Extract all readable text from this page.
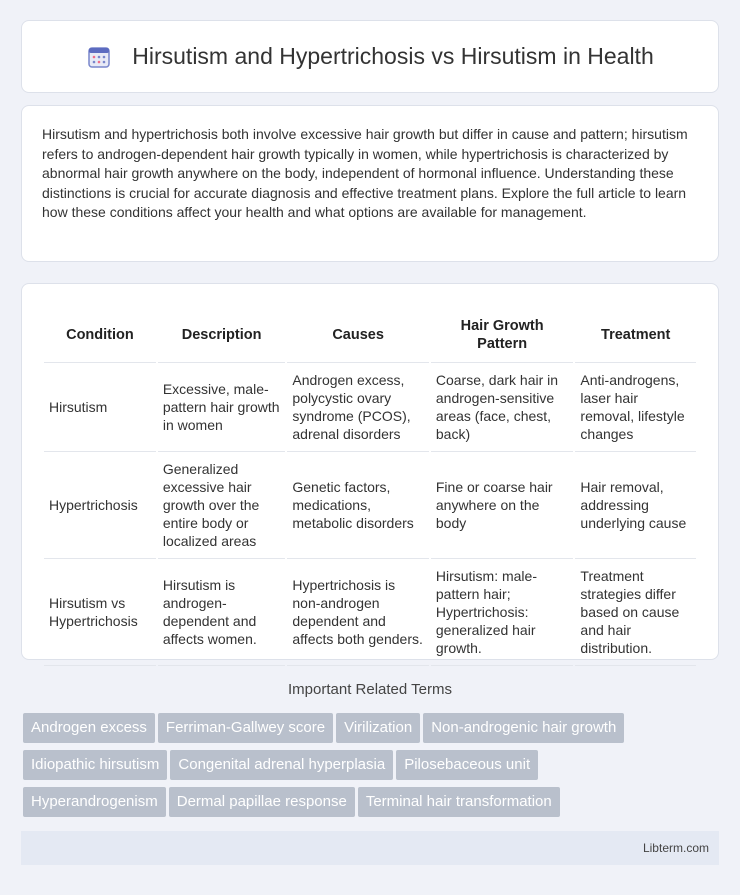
Hirsutism and Hypertrichosis vs Hirsutism in Health

Hirsutism and hypertrichosis both involve excessive hair growth but differ in cause and pattern; hirsutism refers to androgen-dependent hair growth typically in women, while hypertrichosis is characterized by abnormal hair growth anywhere on the body, independent of hormonal influence. Understanding these distinctions is crucial for accurate diagnosis and effective treatment plans. Explore the full article to learn how these conditions affect your health and what options are available for management.

Condition	Description	Causes	Hair Growth Pattern	Treatment
Hirsutism	Excessive, male-pattern hair growth in women	Androgen excess, polycystic ovary syndrome (PCOS), adrenal disorders	Coarse, dark hair in androgen-sensitive areas (face, chest, back)	Anti-androgens, laser hair removal, lifestyle changes
Hypertrichosis	Generalized excessive hair growth over the entire body or localized areas	Genetic factors, medications, metabolic disorders	Fine or coarse hair anywhere on the body	Hair removal, addressing underlying cause
Hirsutism vs Hypertrichosis	Hirsutism is androgen-dependent and affects women.	Hypertrichosis is non-androgen dependent and affects both genders.	Hirsutism: male-pattern hair; Hypertrichosis: generalized hair growth.	Treatment strategies differ based on cause and hair distribution.
Important Related Terms
Androgen excess Ferriman-Gallwey score Virilization Non-androgenic hair growth
Idiopathic hirsutism Congenital adrenal hyperplasia Pilosebaceous unit
Hyperandrogenism Dermal papillae response Terminal hair transformation
Libterm.com
